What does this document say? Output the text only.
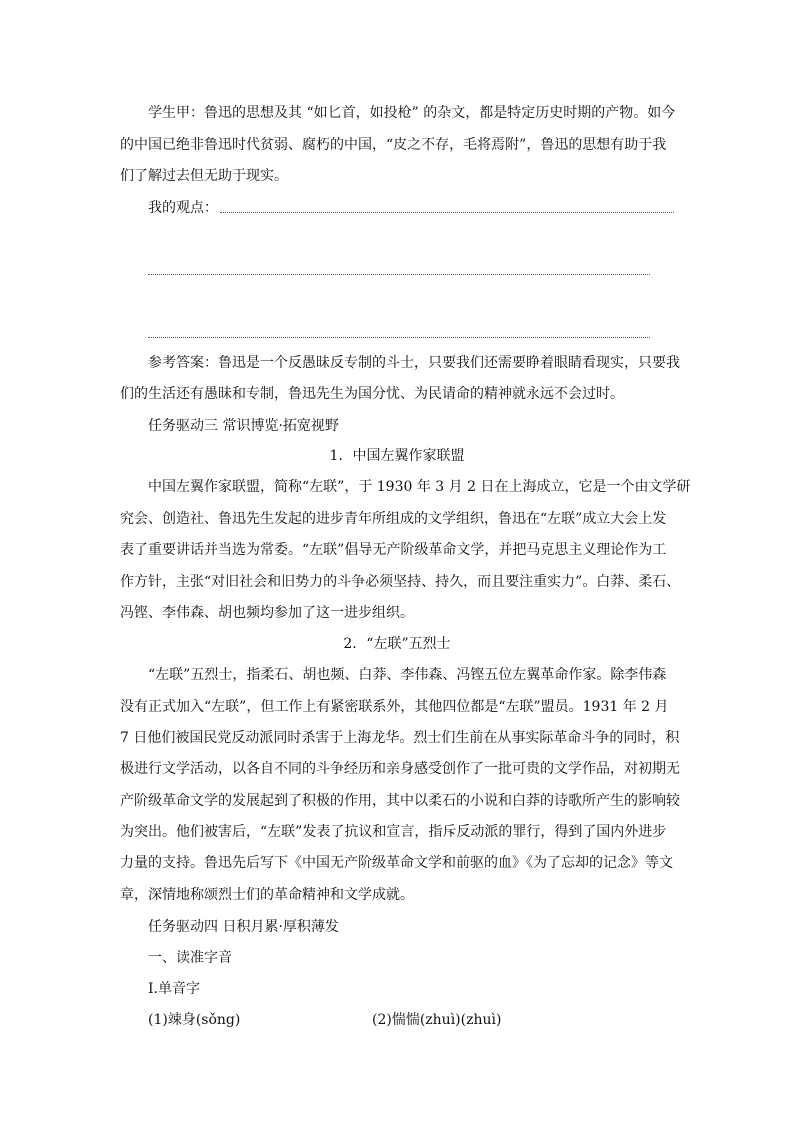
学生甲：鲁迅的思想及其 “如匕首，如投枪” 的杂文，都是特定历史时期的产物。如今
的中国已绝非鲁迅时代贫弱、腐朽的中国，“皮之不存，毛将焉附”，鲁迅的思想有助于我
们了解过去但无助于现实。
我的观点：
参考答案：鲁迅是一个反愚昧反专制的斗士，只要我们还需要睁着眼睛看现实，只要我
们的生活还有愚昧和专制，鲁迅先生为国分忧、为民请命的精神就永远不会过时。
任务驱动三 常识博览·拓宽视野
1．中国左翼作家联盟
中国左翼作家联盟，简称“左联”，于 1930 年 3 月 2 日在上海成立，它是一个由文学研
究会、创造社、鲁迅先生发起的进步青年所组成的文学组织，鲁迅在“左联”成立大会上发
表了重要讲话并当选为常委。“左联”倡导无产阶级革命文学，并把马克思主义理论作为工
作方针，主张“对旧社会和旧势力的斗争必须坚持、持久，而且要注重实力”。白莽、柔石、
冯铿、李伟森、胡也频均参加了这一进步组织。
2．“左联”五烈士
“左联”五烈士，指柔石、胡也频、白莽、李伟森、冯铿五位左翼革命作家。除李伟森
没有正式加入“左联”，但工作上有紧密联系外，其他四位都是“左联”盟员。1931 年 2 月
7 日他们被国民党反动派同时杀害于上海龙华。烈士们生前在从事实际革命斗争的同时，积
极进行文学活动，以各自不同的斗争经历和亲身感受创作了一批可贵的文学作品，对初期无
产阶级革命文学的发展起到了积极的作用，其中以柔石的小说和白莽的诗歌所产生的影响较
为突出。他们被害后，“左联”发表了抗议和宣言，指斥反动派的罪行，得到了国内外进步
力量的支持。鲁迅先后写下《中国无产阶级革命文学和前驱的血》《为了忘却的记念》等文
章，深情地称颂烈士们的革命精神和文学成就。
任务驱动四 日积月累·厚积薄发
一、读准字音
Ⅰ.单音字
(1)竦身(sǒng)	(2)惴惴(zhuì)(zhuì)
